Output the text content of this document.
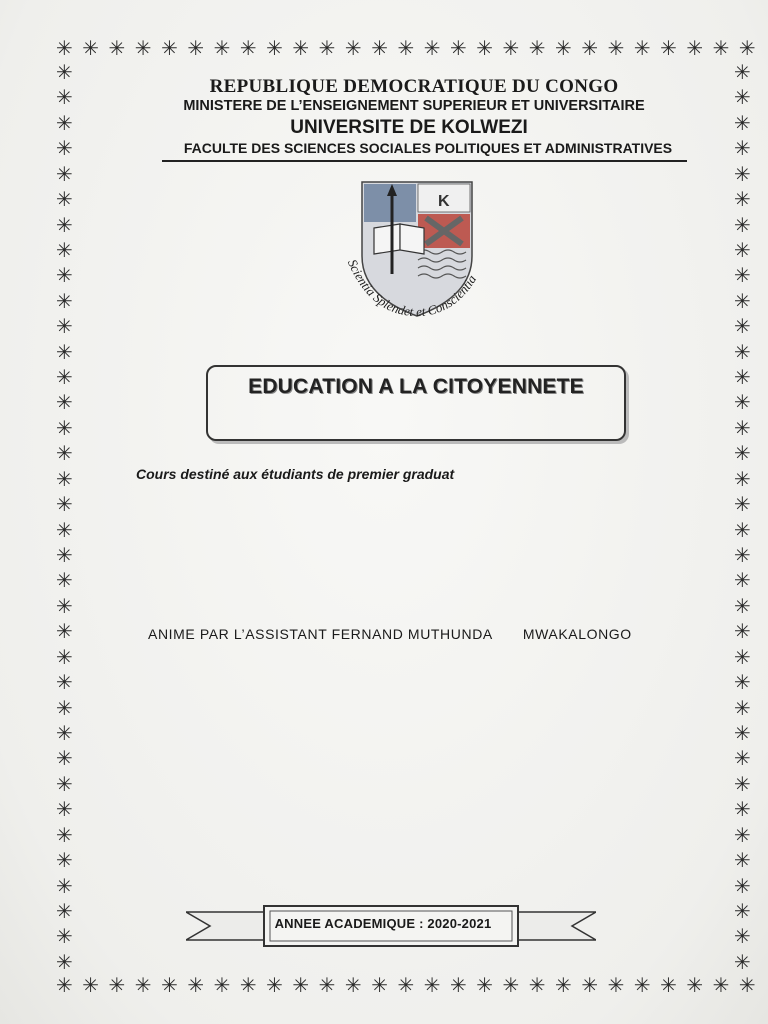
✳ ✳ ✳ ✳ ✳ ✳ ✳ ✳ ✳ ✳ ✳ ✳ ✳ ✳ ✳ ✳ ✳ ✳ ✳ ✳ ✳ ✳ ✳ ✳ ✳ ✳ ✳
✳ ✳ ✳ ✳ ✳ ✳ ✳ ✳ ✳ ✳ ✳ ✳ ✳ ✳ ✳ ✳ ✳ ✳ ✳ ✳ ✳ ✳ ✳ ✳ ✳ ✳ ✳
✳
✳
✳
✳
✳
✳
✳
✳
✳
✳
✳
✳
✳
✳
✳
✳
✳
✳
✳
✳
✳
✳
✳
✳
✳
✳
✳
✳
✳
✳
✳
✳
✳
✳
✳
✳
✳
✳
✳
✳
✳
✳
✳
✳
✳
✳
✳
✳
✳
✳
✳
✳
✳
✳
✳
✳
✳
✳
✳
✳
✳
✳
✳
✳
✳
✳
✳
✳
✳
✳
✳
✳
REPUBLIQUE DEMOCRATIQUE DU CONGO
MINISTERE DE L’ENSEIGNEMENT SUPERIEUR ET UNIVERSITAIRE
UNIVERSITE DE KOLWEZI
FACULTE DES SCIENCES SOCIALES POLITIQUES ET ADMINISTRATIVES
K
Scientia Splendet et Conscientia
EDUCATION A LA CITOYENNETE
Cours destiné aux étudiants de premier graduat
ANIME PAR L’ASSISTANT FERNAND MUTHUNDA MWAKALONGO
ANNEE ACADEMIQUE : 2020-2021
